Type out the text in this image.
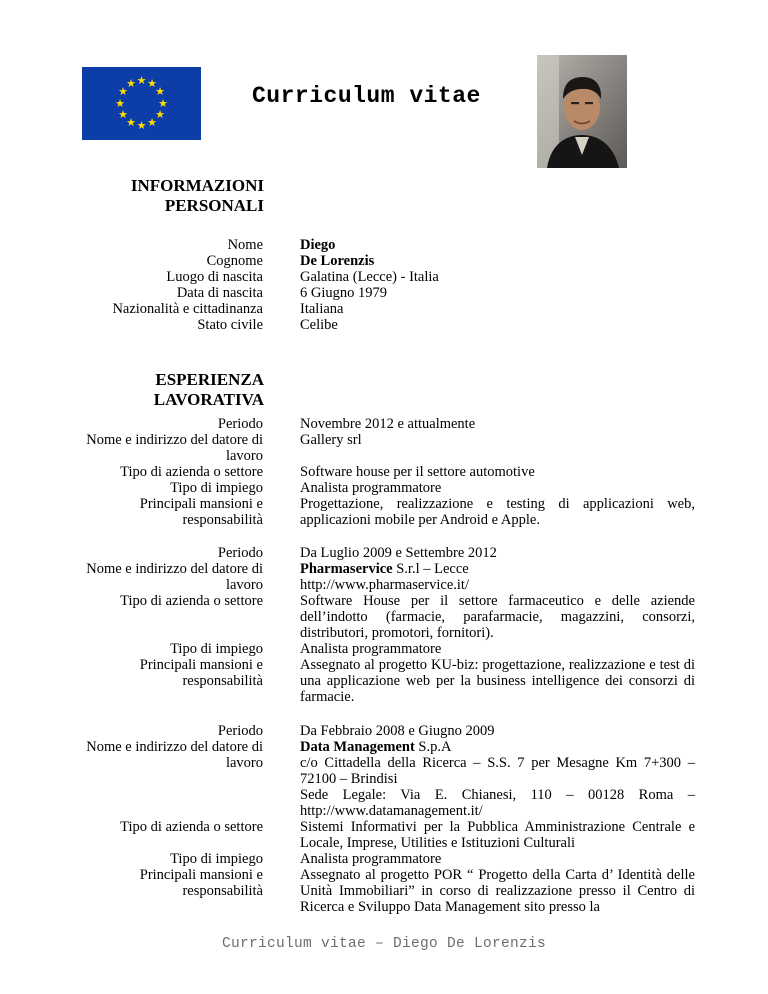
★ ★
★
★
★
★
★
★
★
★
★
★	Curriculum vitae
INFORMAZIONI
PERSONALI
Nome
Cognome
Luogo di nascita
Data di nascita
Nazionalità e cittadinanza
Stato civile
Diego
De Lorenzis
Galatina (Lecce) - Italia
6 Giugno 1979
Italiana
Celibe
ESPERIENZA
LAVORATIVA
Periodo
Nome e indirizzo del datore di
lavoro
Tipo di azienda o settore
Tipo di impiego
Principali mansioni e
responsabilità
Novembre 2012 e attualmente
Gallery srl
Software house per il settore automotive
Analista programmatore
Progettazione, realizzazione e testing di applicazioni web, applicazioni mobile per Android e Apple.
Periodo
Nome e indirizzo del datore di
lavoro
Tipo di azienda o settore
Tipo di impiego
Principali mansioni e
responsabilità
Da Luglio 2009 e Settembre 2012
Pharmaservice S.r.l – Lecce
http://www.pharmaservice.it/
Software House per il settore farmaceutico e delle aziende dell’indotto (farmacie, parafarmacie, magazzini, consorzi, distributori, promotori, fornitori).
Analista programmatore
Assegnato al progetto KU-biz: progettazione, realizzazione e test di una applicazione web per la business intelligence dei consorzi di farmacie.
Periodo
Nome e indirizzo del datore di
lavoro
Tipo di azienda o settore
Tipo di impiego
Principali mansioni e
responsabilità
Da Febbraio 2008 e Giugno 2009
Data Management S.p.A
c/o Cittadella della Ricerca – S.S. 7 per Mesagne Km 7+300 – 72100 – Brindisi
Sede Legale: Via E. Chianesi, 110 – 00128 Roma – http://www.datamanagement.it/
Sistemi Informativi per la Pubblica Amministrazione Centrale e Locale, Imprese, Utilities e Istituzioni Culturali
Analista programmatore
Assegnato al progetto POR “ Progetto della Carta d’ Identità delle Unità Immobiliari” in corso di realizzazione presso il Centro di Ricerca e Sviluppo Data Management sito presso la
Curriculum vitae – Diego De Lorenzis
